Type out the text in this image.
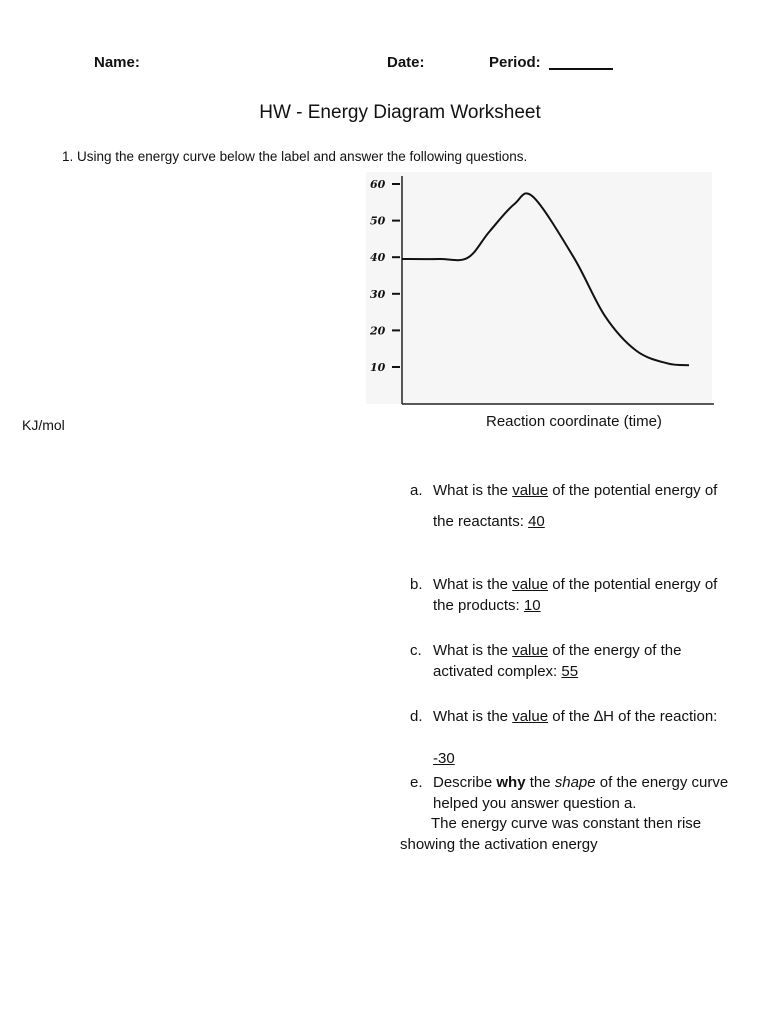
Name:	Date:	Period:
HW - Energy Diagram Worksheet
1. Using the energy curve below the label and answer the following questions.
60
50
40
30
20
10
KJ/mol	Reaction coordinate (time)
a. What is the value of the potential energy of
the reactants: 40
b. What is the value of the potential energy of
the products: 10
c. What is the value of the energy of the
activated complex: 55
d. What is the value of the ∆H of the reaction:
-30
e. Describe why the shape of the energy curve
helped you answer question a.
The energy curve was constant then rise
showing the activation energy
